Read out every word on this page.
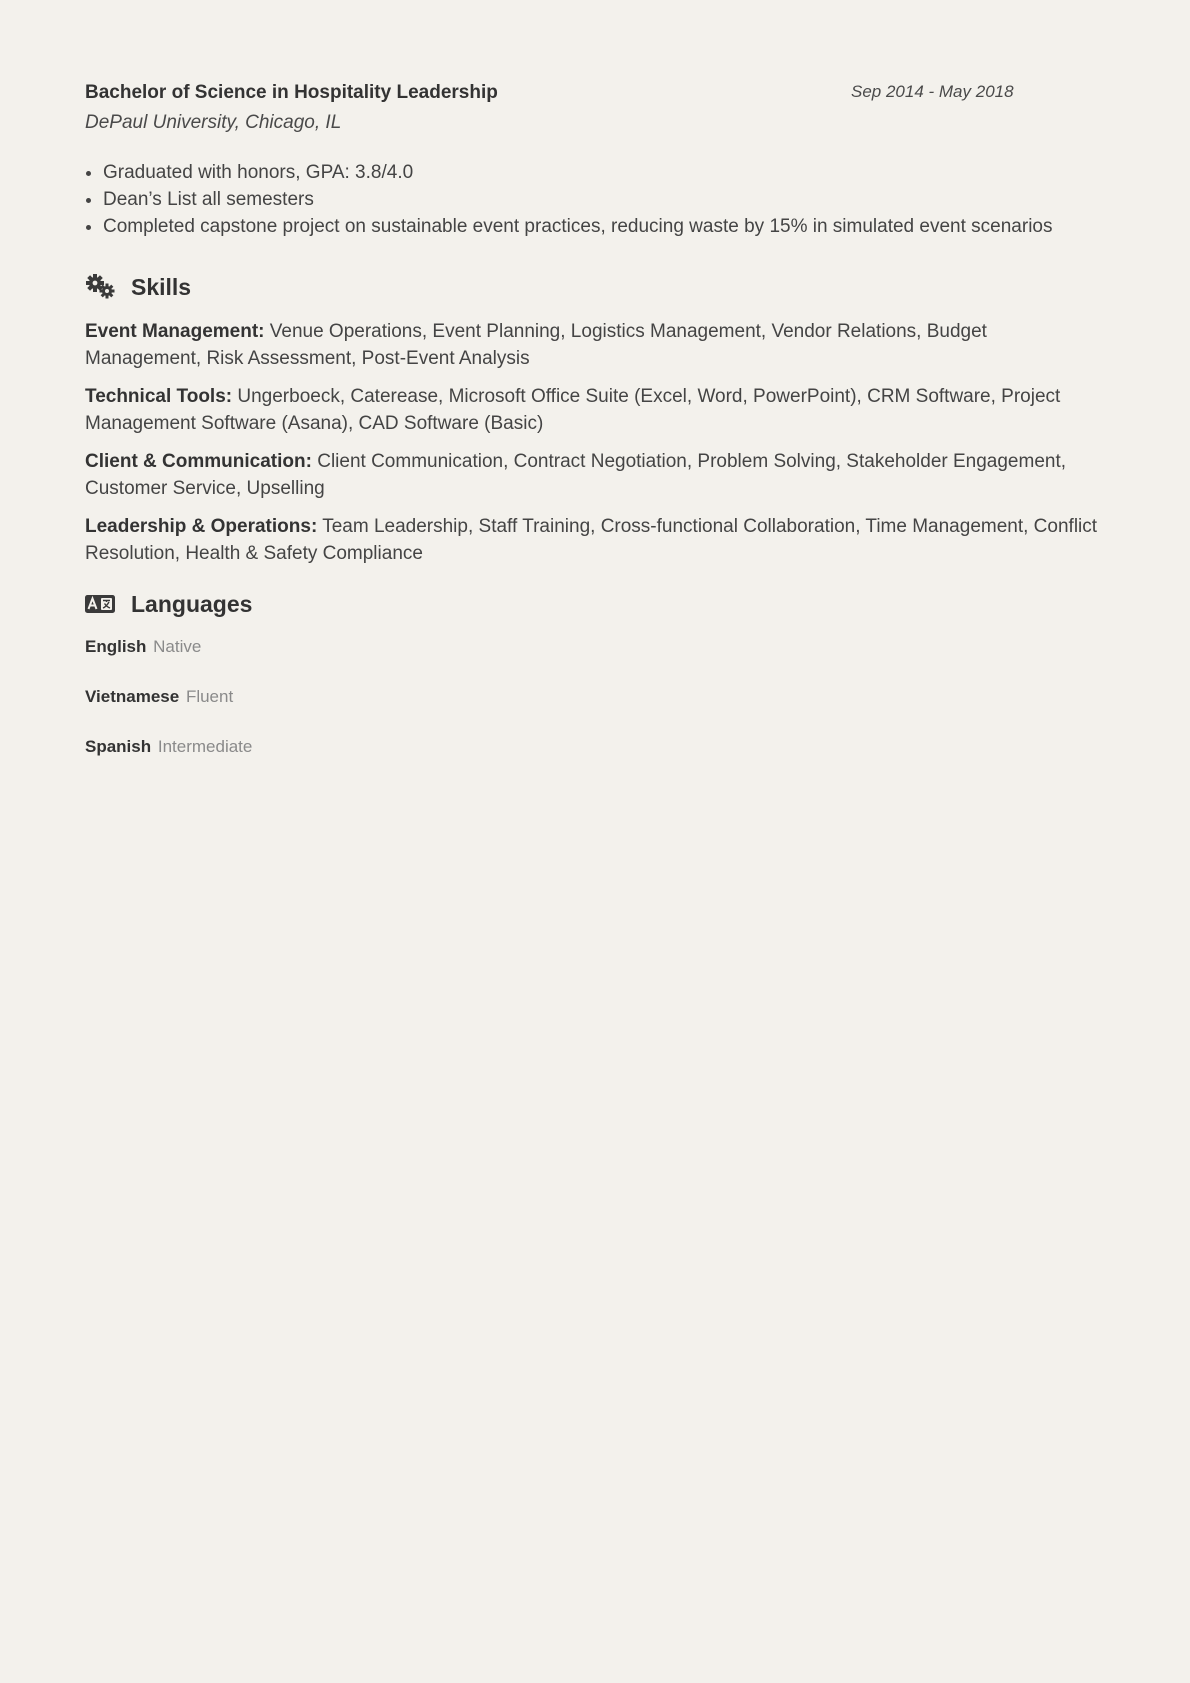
Bachelor of Science in Hospitality Leadership	Sep 2014 - May 2018
DePaul University, Chicago, IL
• Graduated with honors, GPA: 3.8/4.0
• Dean’s List all semesters
• Completed capstone project on sustainable event practices, reducing waste by 15% in simulated event scenarios
Skills
Event Management: Venue Operations, Event Planning, Logistics Management, Vendor Relations, Budget Management, Risk Assessment, Post-Event Analysis
Technical Tools: Ungerboeck, Caterease, Microsoft Office Suite (Excel, Word, PowerPoint), CRM Software, Project Management Software (Asana), CAD Software (Basic)
Client & Communication: Client Communication, Contract Negotiation, Problem Solving, Stakeholder Engagement, Customer Service, Upselling
Leadership & Operations: Team Leadership, Staff Training, Cross-functional Collaboration, Time Management, Conflict Resolution, Health & Safety Compliance
Languages
English Native
Vietnamese Fluent
Spanish Intermediate
